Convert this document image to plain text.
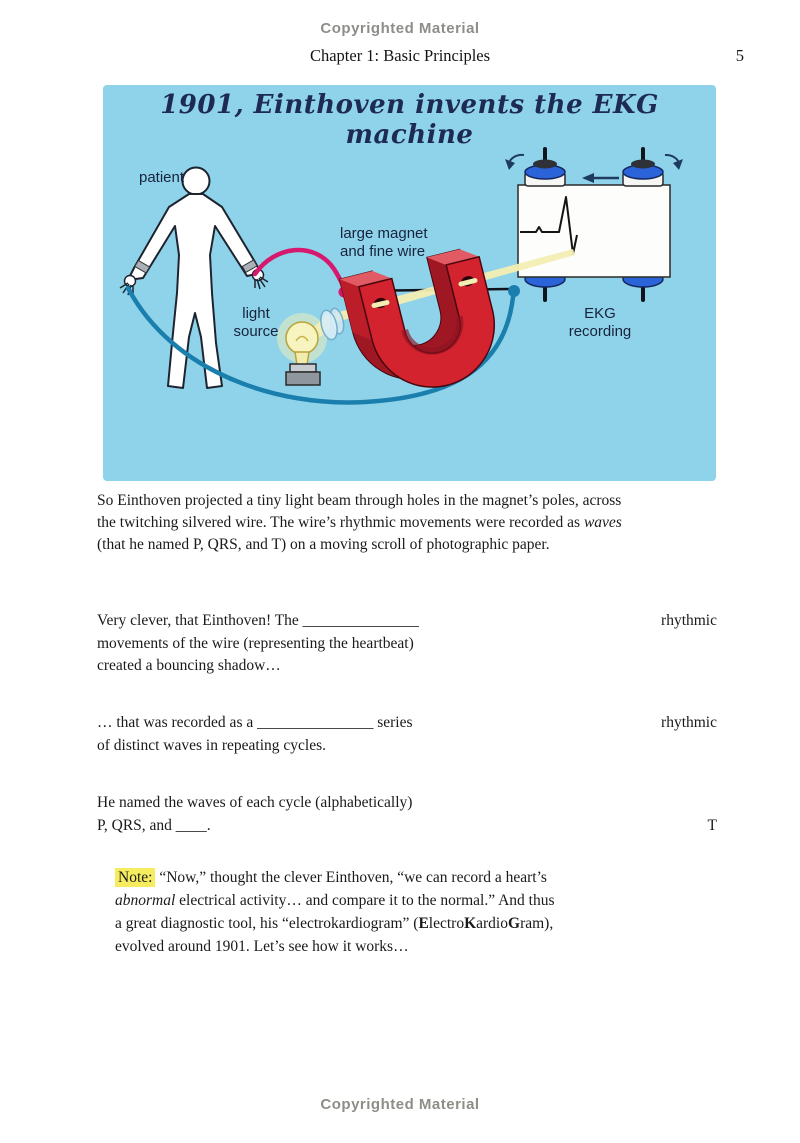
Copyrighted Material
Chapter 1: Basic Principles	5
1901, Einthoven invents the EKG machine
patient
light
source
large magnet
and fine wire
EKG
recording
So Einthoven projected a tiny light beam through holes in the magnet’s poles, across
the twitching silvered wire. The wire’s rhythmic movements were recorded as waves
(that he named P, QRS, and T) on a moving scroll of photographic paper.
Very clever, that Einthoven! The _______________
movements of the wire (representing the heartbeat)
created a bouncing shadow…
rhythmic
… that was recorded as a _______________ series
of distinct waves in repeating cycles.
rhythmic
He named the waves of each cycle (alphabetically)
P, QRS, and ____.	T
Note: “Now,” thought the clever Einthoven, “we can record a heart’s
abnormal electrical activity… and compare it to the normal.” And thus
a great diagnostic tool, his “electrokardiogram” (ElectroKardioGram),
evolved around 1901. Let’s see how it works…
Copyrighted Material
